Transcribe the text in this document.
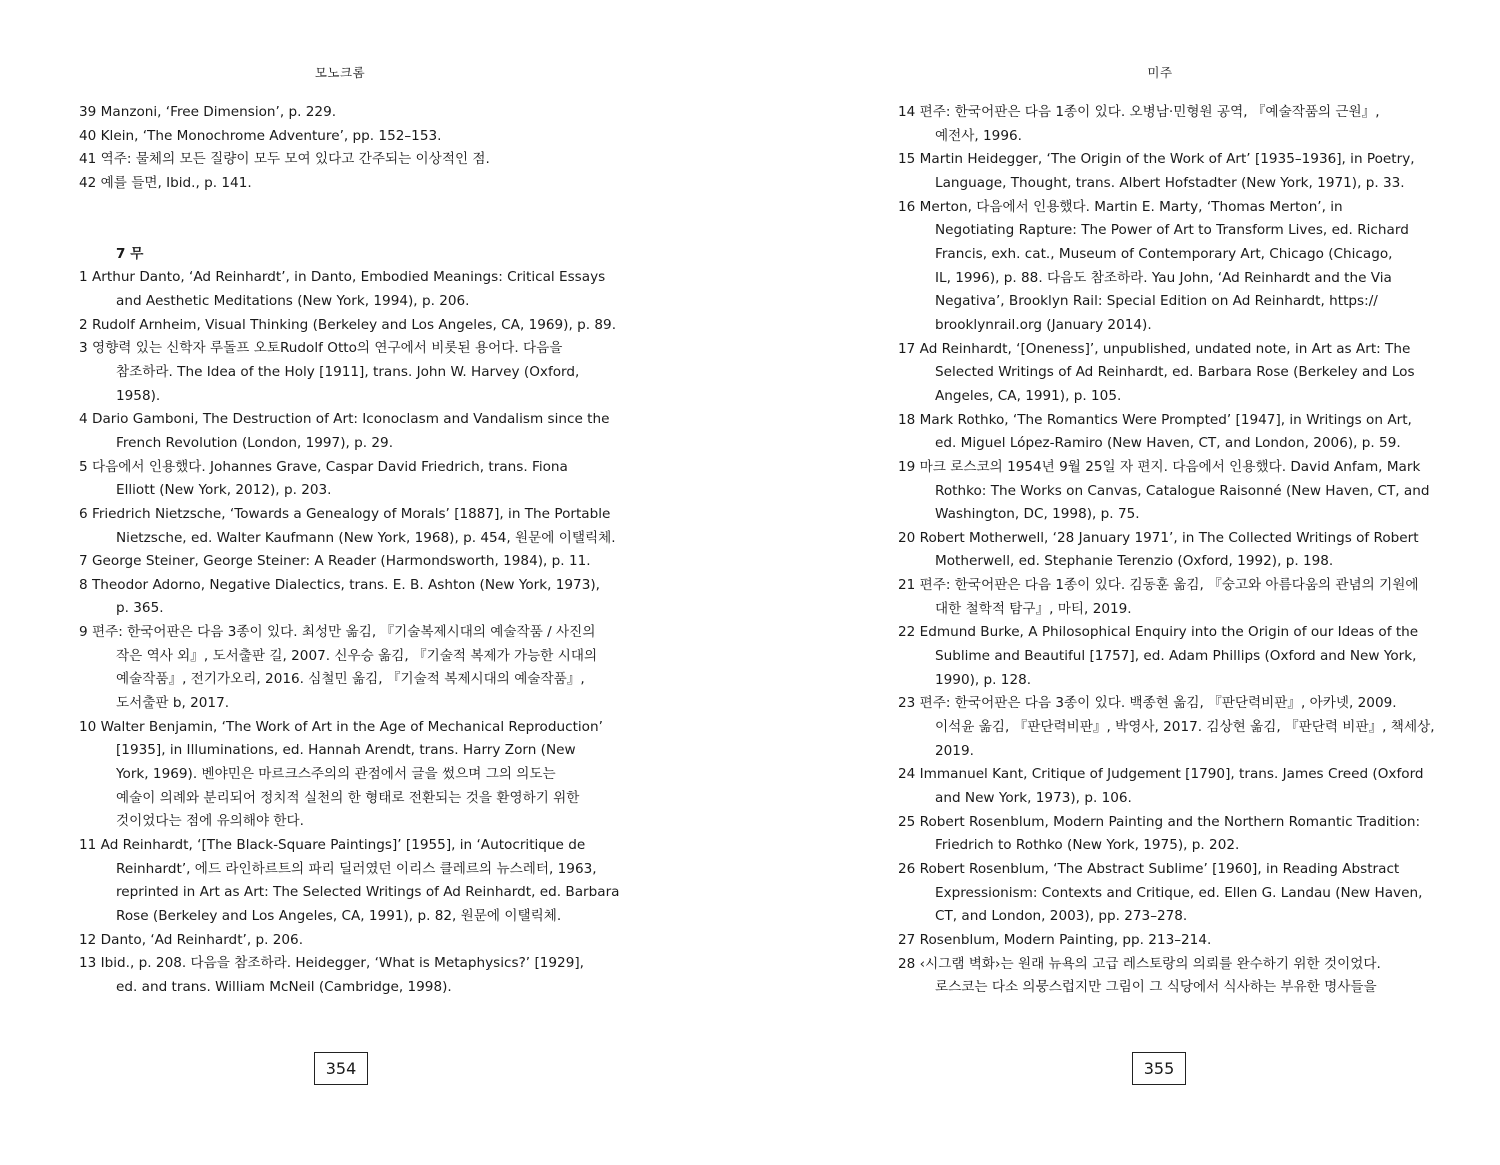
모노크롬
39 Manzoni, ‘Free Dimension’, p. 229.
40 Klein, ‘The Monochrome Adventure’, pp. 152–153.
41 역주: 물체의 모든 질량이 모두 모여 있다고 간주되는 이상적인 점.
42 예를 들면, Ibid., p. 141.
7 무
1 Arthur Danto, ‘Ad Reinhardt’, in Danto, Embodied Meanings: Critical Essays
and Aesthetic Meditations (New York, 1994), p. 206.
2 Rudolf Arnheim, Visual Thinking (Berkeley and Los Angeles, CA, 1969), p. 89.
3 영향력 있는 신학자 루돌프 오토Rudolf Otto의 연구에서 비롯된 용어다. 다음을
참조하라. The Idea of the Holy [1911], trans. John W. Harvey (Oxford,
1958).
4 Dario Gamboni, The Destruction of Art: Iconoclasm and Vandalism since the
French Revolution (London, 1997), p. 29.
5 다음에서 인용했다. Johannes Grave, Caspar David Friedrich, trans. Fiona
Elliott (New York, 2012), p. 203.
6 Friedrich Nietzsche, ‘Towards a Genealogy of Morals’ [1887], in The Portable
Nietzsche, ed. Walter Kaufmann (New York, 1968), p. 454, 원문에 이탤릭체.
7 George Steiner, George Steiner: A Reader (Harmondsworth, 1984), p. 11.
8 Theodor Adorno, Negative Dialectics, trans. E. B. Ashton (New York, 1973),
p. 365.
9 편주: 한국어판은 다음 3종이 있다. 최성만 옮김, 『기술복제시대의 예술작품 / 사진의
작은 역사 외』, 도서출판 길, 2007. 신우승 옮김, 『기술적 복제가 가능한 시대의
예술작품』, 전기가오리, 2016. 심철민 옮김, 『기술적 복제시대의 예술작품』,
도서출판 b, 2017.
10 Walter Benjamin, ‘The Work of Art in the Age of Mechanical Reproduction’
[1935], in Illuminations, ed. Hannah Arendt, trans. Harry Zorn (New
York, 1969). 벤야민은 마르크스주의의 관점에서 글을 썼으며 그의 의도는
예술이 의례와 분리되어 정치적 실천의 한 형태로 전환되는 것을 환영하기 위한
것이었다는 점에 유의해야 한다.
11 Ad Reinhardt, ‘[The Black-Square Paintings]’ [1955], in ‘Autocritique de
Reinhardt’, 에드 라인하르트의 파리 딜러였던 이리스 클레르의 뉴스레터, 1963,
reprinted in Art as Art: The Selected Writings of Ad Reinhardt, ed. Barbara
Rose (Berkeley and Los Angeles, CA, 1991), p. 82, 원문에 이탤릭체.
12 Danto, ‘Ad Reinhardt’, p. 206.
13 Ibid., p. 208. 다음을 참조하라. Heidegger, ‘What is Metaphysics?’ [1929],
ed. and trans. William McNeil (Cambridge, 1998).
354
미주
14 편주: 한국어판은 다음 1종이 있다. 오병남·민형원 공역, 『예술작품의 근원』,
예전사, 1996.
15 Martin Heidegger, ‘The Origin of the Work of Art’ [1935–1936], in Poetry,
Language, Thought, trans. Albert Hofstadter (New York, 1971), p. 33.
16 Merton, 다음에서 인용했다. Martin E. Marty, ‘Thomas Merton’, in
Negotiating Rapture: The Power of Art to Transform Lives, ed. Richard
Francis, exh. cat., Museum of Contemporary Art, Chicago (Chicago,
IL, 1996), p. 88. 다음도 참조하라. Yau John, ‘Ad Reinhardt and the Via
Negativa’, Brooklyn Rail: Special Edition on Ad Reinhardt, https://
brooklynrail.org (January 2014).
17 Ad Reinhardt, ‘[Oneness]’, unpublished, undated note, in Art as Art: The
Selected Writings of Ad Reinhardt, ed. Barbara Rose (Berkeley and Los
Angeles, CA, 1991), p. 105.
18 Mark Rothko, ‘The Romantics Were Prompted’ [1947], in Writings on Art,
ed. Miguel López-Ramiro (New Haven, CT, and London, 2006), p. 59.
19 마크 로스코의 1954년 9월 25일 자 편지. 다음에서 인용했다. David Anfam, Mark
Rothko: The Works on Canvas, Catalogue Raisonné (New Haven, CT, and
Washington, DC, 1998), p. 75.
20 Robert Motherwell, ‘28 January 1971’, in The Collected Writings of Robert
Motherwell, ed. Stephanie Terenzio (Oxford, 1992), p. 198.
21 편주: 한국어판은 다음 1종이 있다. 김동훈 옮김, 『숭고와 아름다움의 관념의 기원에
대한 철학적 탐구』, 마티, 2019.
22 Edmund Burke, A Philosophical Enquiry into the Origin of our Ideas of the
Sublime and Beautiful [1757], ed. Adam Phillips (Oxford and New York,
1990), p. 128.
23 편주: 한국어판은 다음 3종이 있다. 백종현 옮김, 『판단력비판』, 아카넷, 2009.
이석윤 옮김, 『판단력비판』, 박영사, 2017. 김상현 옮김, 『판단력 비판』, 책세상,
2019.
24 Immanuel Kant, Critique of Judgement [1790], trans. James Creed (Oxford
and New York, 1973), p. 106.
25 Robert Rosenblum, Modern Painting and the Northern Romantic Tradition:
Friedrich to Rothko (New York, 1975), p. 202.
26 Robert Rosenblum, ‘The Abstract Sublime’ [1960], in Reading Abstract
Expressionism: Contexts and Critique, ed. Ellen G. Landau (New Haven,
CT, and London, 2003), pp. 273–278.
27 Rosenblum, Modern Painting, pp. 213–214.
28 ‹시그램 벽화›는 원래 뉴욕의 고급 레스토랑의 의뢰를 완수하기 위한 것이었다.
로스코는 다소 의뭉스럽지만 그림이 그 식당에서 식사하는 부유한 명사들을
355
